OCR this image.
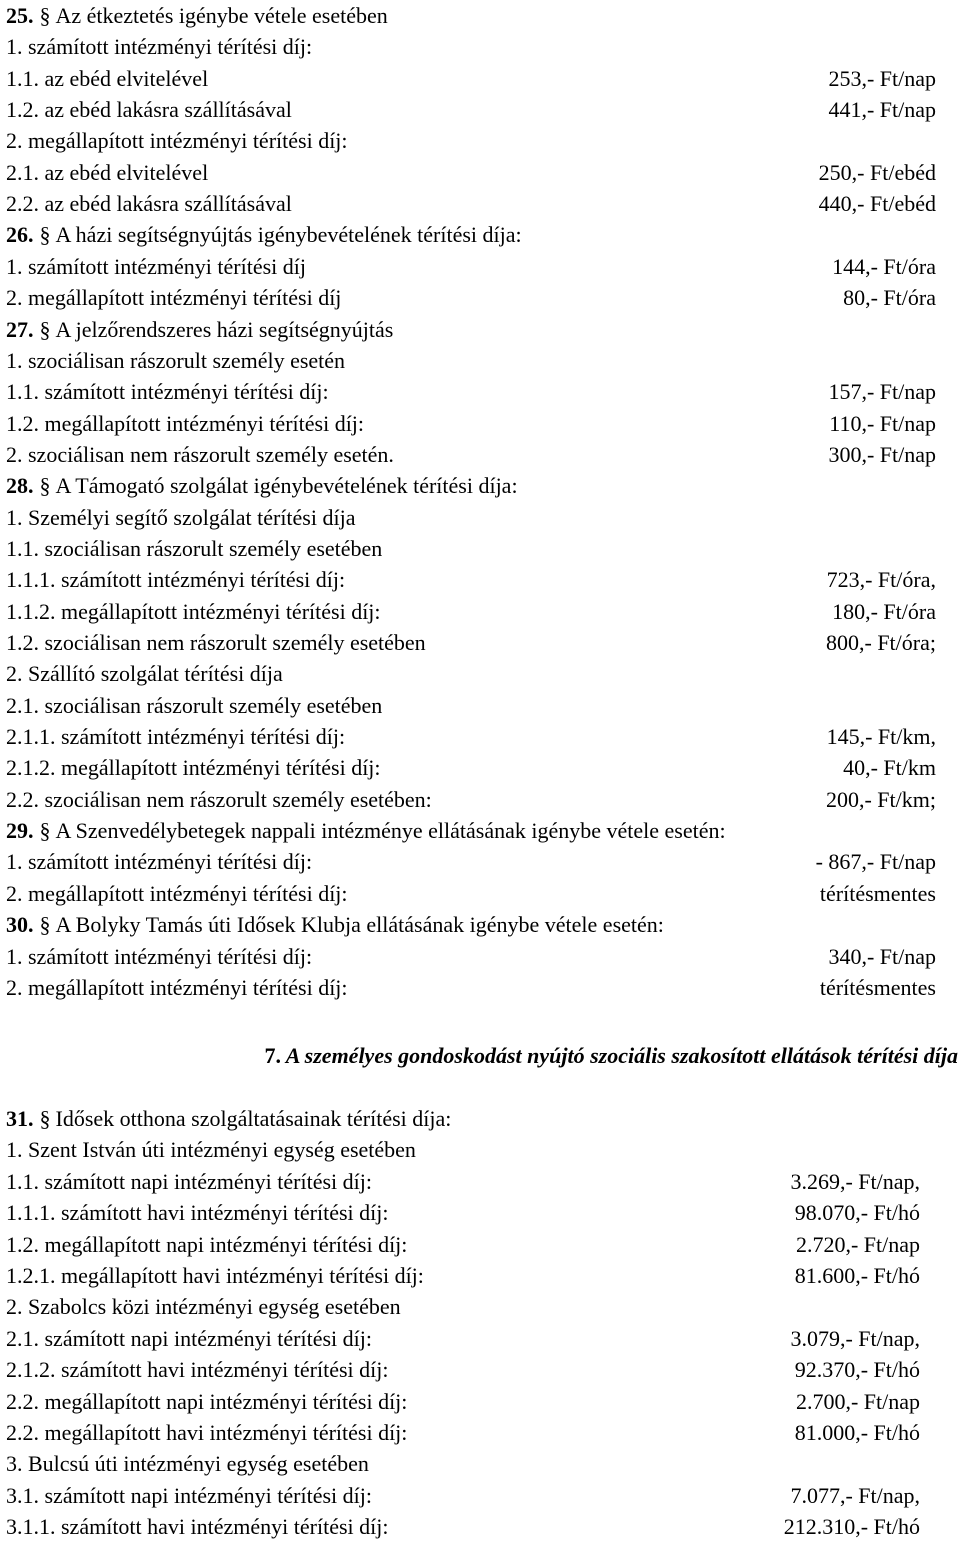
25. § Az étkeztetés igénybe vétele esetében
1. számított intézményi térítési díj:
1.1. az ebéd elvitelével	253,- Ft/nap
1.2. az ebéd lakásra szállításával	441,- Ft/nap
2. megállapított intézményi térítési díj:
2.1. az ebéd elvitelével	250,- Ft/ebéd
2.2. az ebéd lakásra szállításával	440,- Ft/ebéd
26. § A házi segítségnyújtás igénybevételének térítési díja:
1. számított intézményi térítési díj	144,- Ft/óra
2. megállapított intézményi térítési díj	80,- Ft/óra
27. § A jelzőrendszeres házi segítségnyújtás
1. szociálisan rászorult személy esetén
1.1. számított intézményi térítési díj:	157,- Ft/nap
1.2. megállapított intézményi térítési díj:	110,- Ft/nap
2. szociálisan nem rászorult személy esetén.	300,- Ft/nap
28. § A Támogató szolgálat igénybevételének térítési díja:
1. Személyi segítő szolgálat térítési díja
1.1. szociálisan rászorult személy esetében
1.1.1. számított intézményi térítési díj:	723,- Ft/óra,
1.1.2. megállapított intézményi térítési díj:	180,- Ft/óra
1.2. szociálisan nem rászorult személy esetében	800,- Ft/óra;
2. Szállító szolgálat térítési díja
2.1. szociálisan rászorult személy esetében
2.1.1. számított intézményi térítési díj:	145,- Ft/km,
2.1.2. megállapított intézményi térítési díj:	40,- Ft/km
2.2. szociálisan nem rászorult személy esetében:	200,- Ft/km;
29. § A Szenvedélybetegek nappali intézménye ellátásának igénybe vétele esetén:
1. számított intézményi térítési díj:	- 867,- Ft/nap
2. megállapított intézményi térítési díj:	térítésmentes
30. § A Bolyky Tamás úti Idősek Klubja ellátásának igénybe vétele esetén:
1. számított intézményi térítési díj:	340,- Ft/nap
2. megállapított intézményi térítési díj:	térítésmentes
7. A személyes gondoskodást nyújtó szociális szakosított ellátások térítési díja
31. § Idősek otthona szolgáltatásainak térítési díja:
1. Szent István úti intézményi egység esetében
1.1. számított napi intézményi térítési díj:	3.269,- Ft/nap,
1.1.1. számított havi intézményi térítési díj:	98.070,- Ft/hó
1.2. megállapított napi intézményi térítési díj:	2.720,- Ft/nap
1.2.1. megállapított havi intézményi térítési díj:	81.600,- Ft/hó
2. Szabolcs közi intézményi egység esetében
2.1. számított napi intézményi térítési díj:	3.079,- Ft/nap,
2.1.2. számított havi intézményi térítési díj:	92.370,- Ft/hó
2.2. megállapított napi intézményi térítési díj:	2.700,- Ft/nap
2.2. megállapított havi intézményi térítési díj:	81.000,- Ft/hó
3. Bulcsú úti intézményi egység esetében
3.1. számított napi intézményi térítési díj:	7.077,- Ft/nap,
3.1.1. számított havi intézményi térítési díj:	212.310,- Ft/hó
